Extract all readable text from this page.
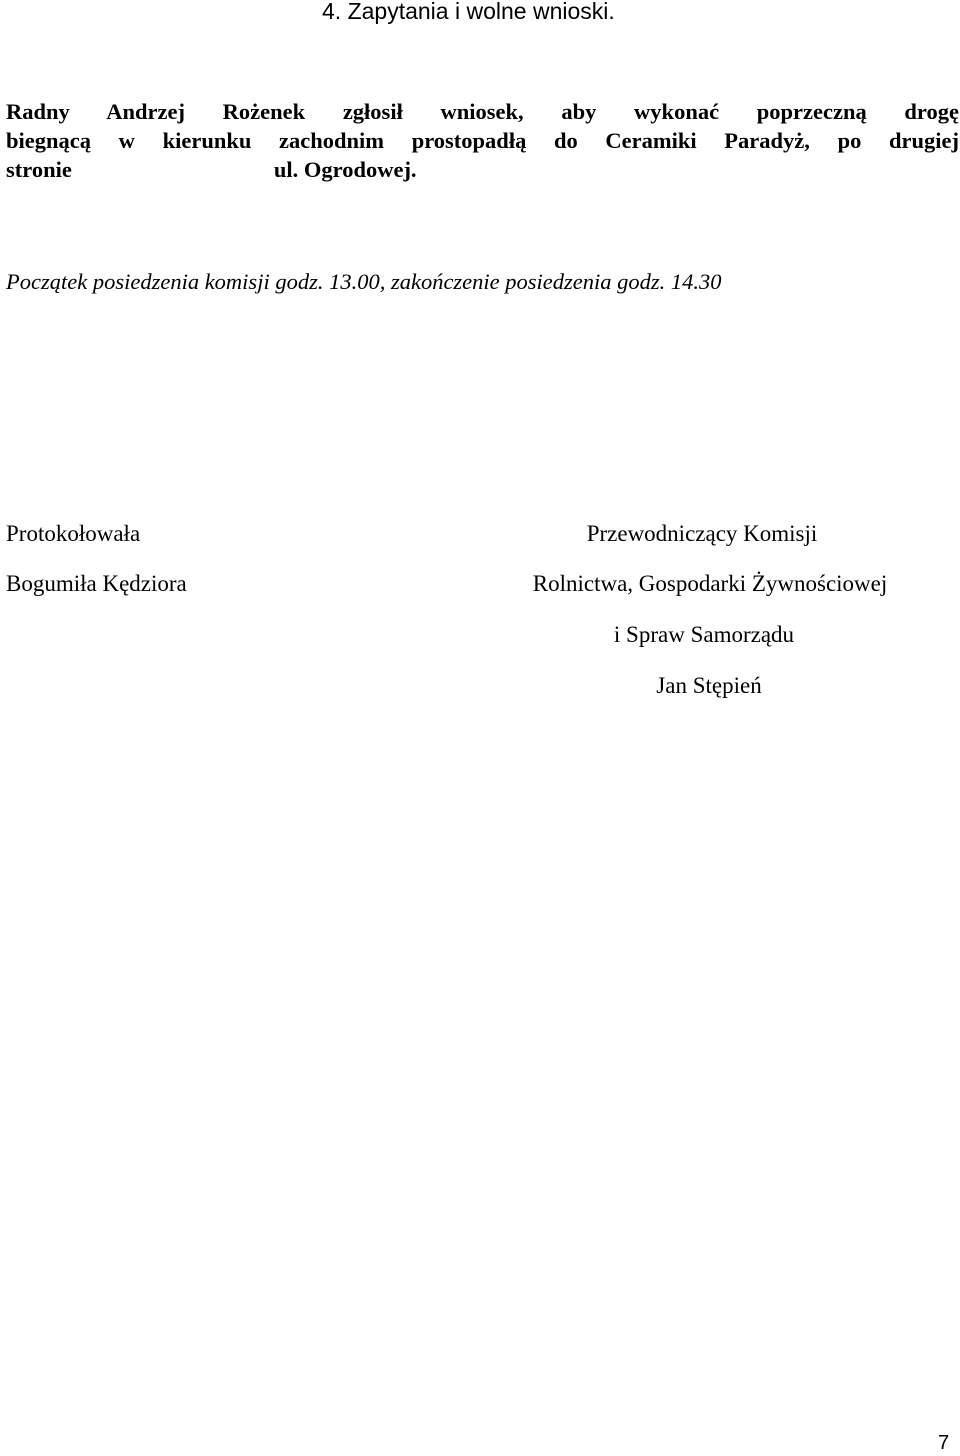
4. Zapytania i wolne wnioski.
Radny Andrzej Rożenek zgłosił wniosek, aby wykonać poprzeczną drogę
biegnącą w kierunku zachodnim prostopadłą do Ceramiki Paradyż, po drugiej
stronie	ul. Ogrodowej.
Początek posiedzenia komisji godz. 13.00, zakończenie posiedzenia godz. 14.30
Protokołowała
Bogumiła Kędziora
Przewodniczący Komisji
Rolnictwa, Gospodarki Żywnościowej
i Spraw Samorządu
Jan Stępień
7
